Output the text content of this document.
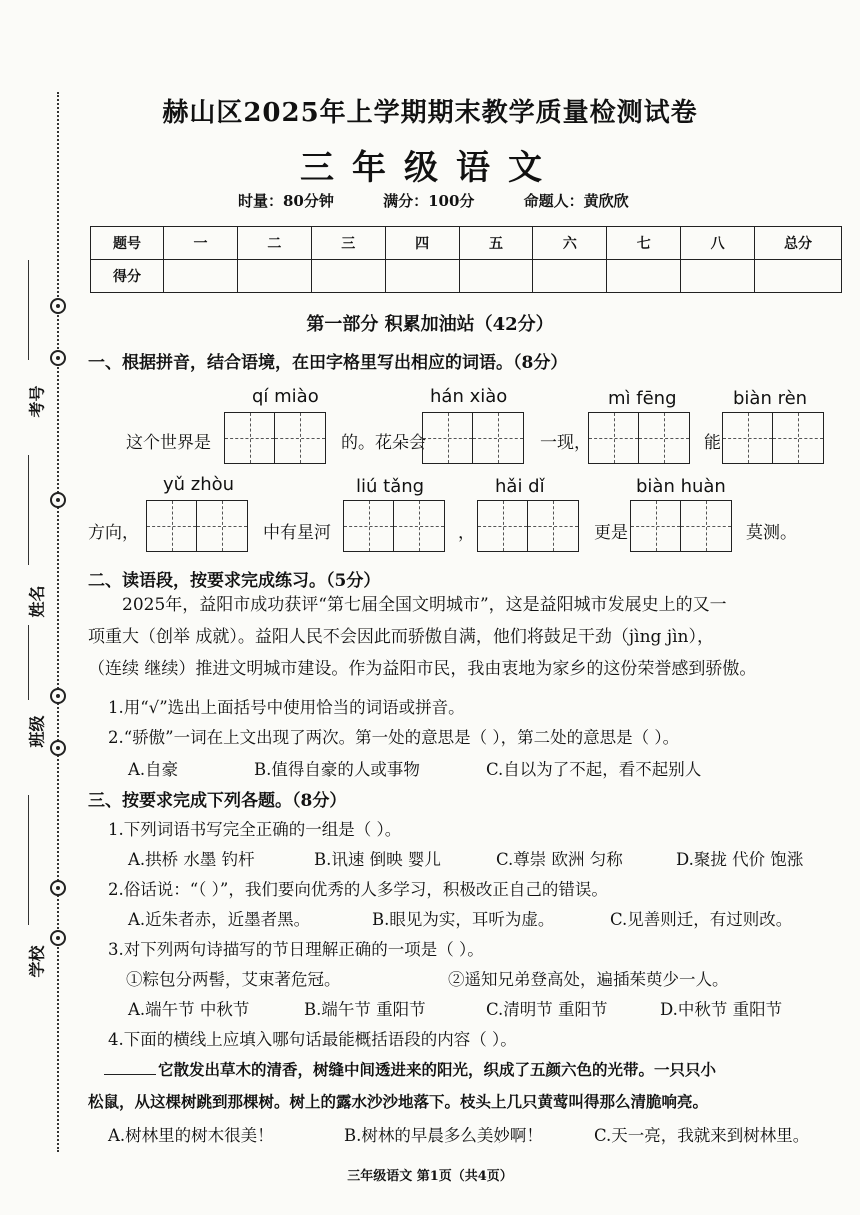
考号
姓名
班级
学校
赫山区2025年上学期期末教学质量检测试卷
三年级语文
时量：80分钟	满分：100分	命题人：黄欣欣
题号	一	二	三	四	五	六	七	八	总分
得分									
第一部分 积累加油站（42分）
一、根据拼音，结合语境，在田字格里写出相应的词语。（8分）
qí miào	hán xiào	mì fēng	biàn rèn
这个世界是	的。花朵会	一现，	能
yǔ zhòu	liú tǎng	hǎi dǐ	biàn huàn
方向，	中有星河	，	更是	莫测。
二、读语段，按要求完成练习。（5分）
2025年，益阳市成功获评“第七届全国文明城市”，这是益阳城市发展史上的又一
项重大（创举 成就）。益阳人民不会因此而骄傲自满，他们将鼓足干劲（jìng jìn），
（连续 继续）推进文明城市建设。作为益阳市民，我由衷地为家乡的这份荣誉感到骄傲。
1.用“√”选出上面括号中使用恰当的词语或拼音。
2.“骄傲”一词在上文出现了两次。第一处的意思是（ ），第二处的意思是（ ）。
A.自豪	B.值得自豪的人或事物	C.自以为了不起，看不起别人
三、按要求完成下列各题。（8分）
1.下列词语书写完全正确的一组是（ ）。
A.拱桥 水墨 钓杆	B.讯速 倒映 婴儿	C.尊崇 欧洲 匀称	D.聚拢 代价 饱涨
2.俗话说：“（ ）”，我们要向优秀的人多学习，积极改正自己的错误。
A.近朱者赤，近墨者黑。	B.眼见为实，耳听为虚。	C.见善则迁，有过则改。
3.对下列两句诗描写的节日理解正确的一项是（ ）。
①粽包分两髻，艾束著危冠。	②遥知兄弟登高处，遍插茱萸少一人。
A.端午节 中秋节	B.端午节 重阳节	C.清明节 重阳节	D.中秋节 重阳节
4.下面的横线上应填入哪句话最能概括语段的内容（ ）。
它散发出草木的清香，树缝中间透进来的阳光，织成了五颜六色的光带。一只只小
松鼠，从这棵树跳到那棵树。树上的露水沙沙地落下。枝头上几只黄莺叫得那么清脆响亮。
A.树林里的树木很美！	B.树林的早晨多么美妙啊！	C.天一亮，我就来到树林里。
三年级语文 第1页（共4页）
